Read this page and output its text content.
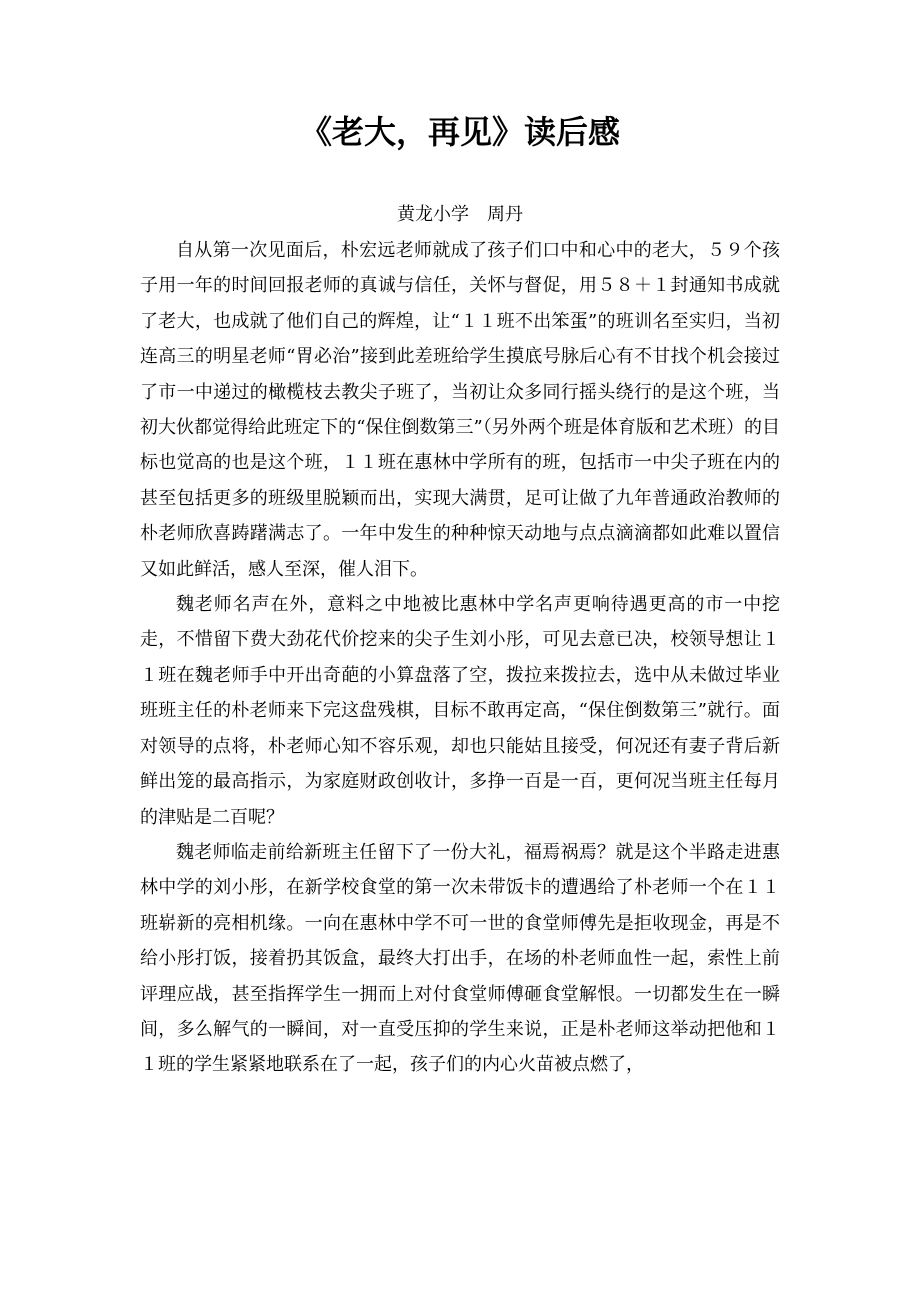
《老大，再见》读后感

黄龙小学　周丹

自从第一次见面后，朴宏远老师就成了孩子们口中和心中的老大，５９个孩子用一年的时间回报老师的真诚与信任，关怀与督促，用５８＋１封通知书成就了老大，也成就了他们自己的辉煌，让“１１班不出笨蛋”的班训名至实归，当初连高三的明星老师“胃必治”接到此差班给学生摸底号脉后心有不甘找个机会接过了市一中递过的橄榄枝去教尖子班了，当初让众多同行摇头绕行的是这个班，当初大伙都觉得给此班定下的“保住倒数第三”（另外两个班是体育版和艺术班）的目标也觉高的也是这个班，１１班在惠林中学所有的班，包括市一中尖子班在内的甚至包括更多的班级里脱颖而出，实现大满贯，足可让做了九年普通政治教师的朴老师欣喜踌躇满志了。一年中发生的种种惊天动地与点点滴滴都如此难以置信又如此鲜活，感人至深，催人泪下。

魏老师名声在外，意料之中地被比惠林中学名声更响待遇更高的市一中挖走，不惜留下费大劲花代价挖来的尖子生刘小彤，可见去意已决，校领导想让１１班在魏老师手中开出奇葩的小算盘落了空，拨拉来拨拉去，选中从未做过毕业班班主任的朴老师来下完这盘残棋，目标不敢再定高，“保住倒数第三”就行。面对领导的点将，朴老师心知不容乐观，却也只能姑且接受，何况还有妻子背后新鲜出笼的最高指示，为家庭财政创收计，多挣一百是一百，更何况当班主任每月的津贴是二百呢？

魏老师临走前给新班主任留下了一份大礼，福焉祸焉？就是这个半路走进惠林中学的刘小彤，在新学校食堂的第一次未带饭卡的遭遇给了朴老师一个在１１班崭新的亮相机缘。一向在惠林中学不可一世的食堂师傅先是拒收现金，再是不给小彤打饭，接着扔其饭盒，最终大打出手，在场的朴老师血性一起，索性上前评理应战，甚至指挥学生一拥而上对付食堂师傅砸食堂解恨。一切都发生在一瞬间，多么解气的一瞬间，对一直受压抑的学生来说，正是朴老师这举动把他和１１班的学生紧紧地联系在了一起，孩子们的内心火苗被点燃了，
